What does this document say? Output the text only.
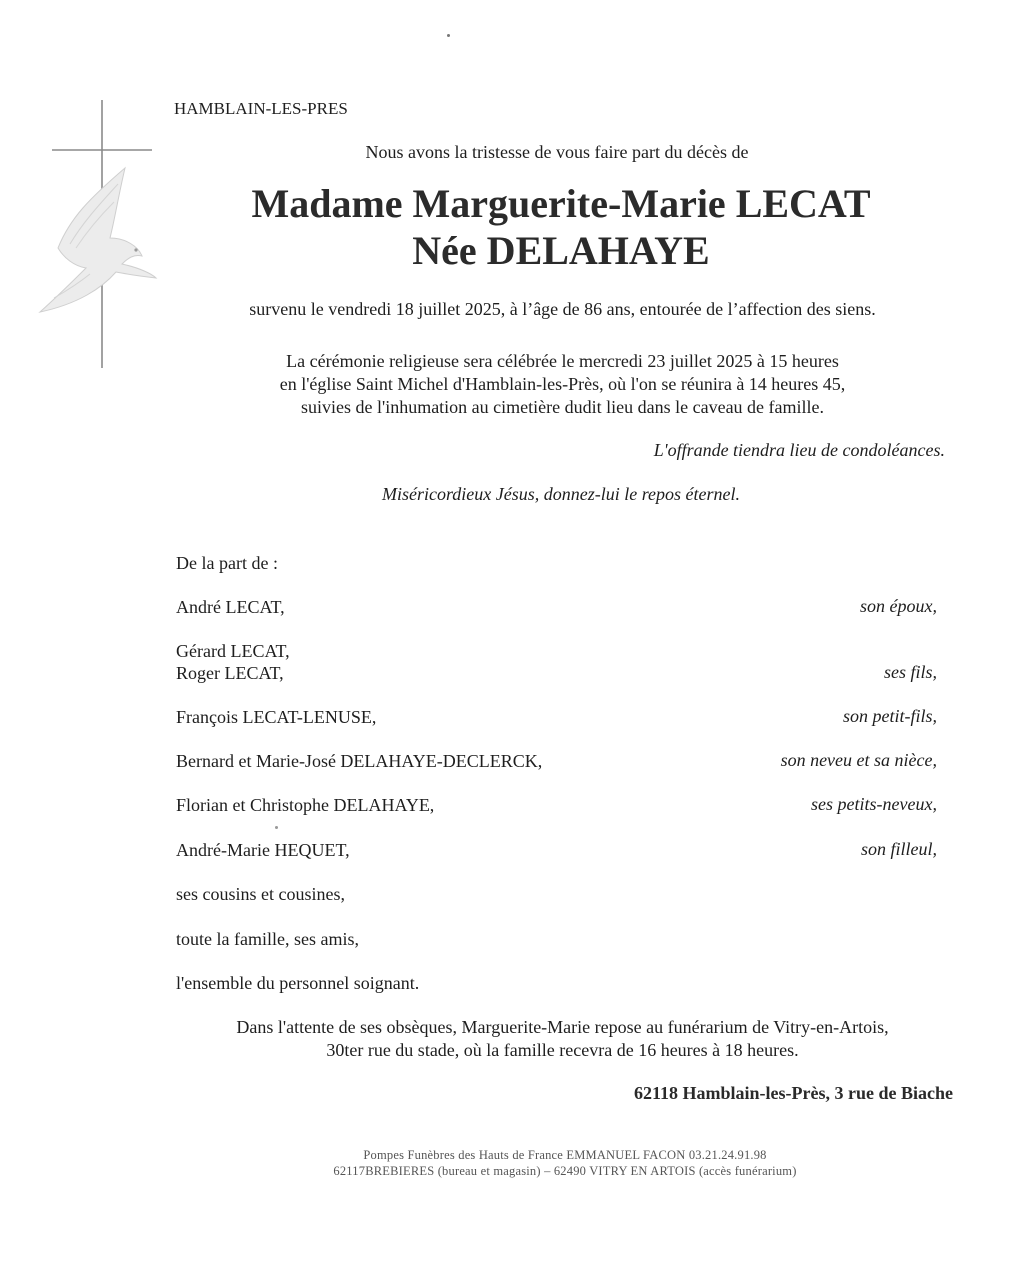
HAMBLAIN-LES-PRES
Nous avons la tristesse de vous faire part du décès de
Madame Marguerite-Marie LECAT
Née DELAHAYE
survenu le vendredi 18 juillet 2025, à l’âge de 86 ans, entourée de l’affection des siens.
La cérémonie religieuse sera célébrée le mercredi 23 juillet 2025 à 15 heures
en l'église Saint Michel d'Hamblain-les-Près, où l'on se réunira à 14 heures 45,
suivies de l'inhumation au cimetière dudit lieu dans le caveau de famille.
L'offrande tiendra lieu de condoléances.
Miséricordieux Jésus, donnez-lui le repos éternel.
De la part de :
André LECAT,	son époux,
Gérard LECAT,
Roger LECAT,	ses fils,
François LECAT-LENUSE,	son petit-fils,
Bernard et Marie-José DELAHAYE-DECLERCK,	son neveu et sa nièce,
Florian et Christophe DELAHAYE,	ses petits-neveux,
André-Marie HEQUET,	son filleul,
ses cousins et cousines,
toute la famille, ses amis,
l'ensemble du personnel soignant.
Dans l'attente de ses obsèques, Marguerite-Marie repose au funérarium de Vitry-en-Artois,
30ter rue du stade, où la famille recevra de 16 heures à 18 heures.
62118 Hamblain-les-Près, 3 rue de Biache
Pompes Funèbres des Hauts de France EMMANUEL FACON 03.21.24.91.98
62117BREBIERES (bureau et magasin) – 62490 VITRY EN ARTOIS (accès funérarium)
